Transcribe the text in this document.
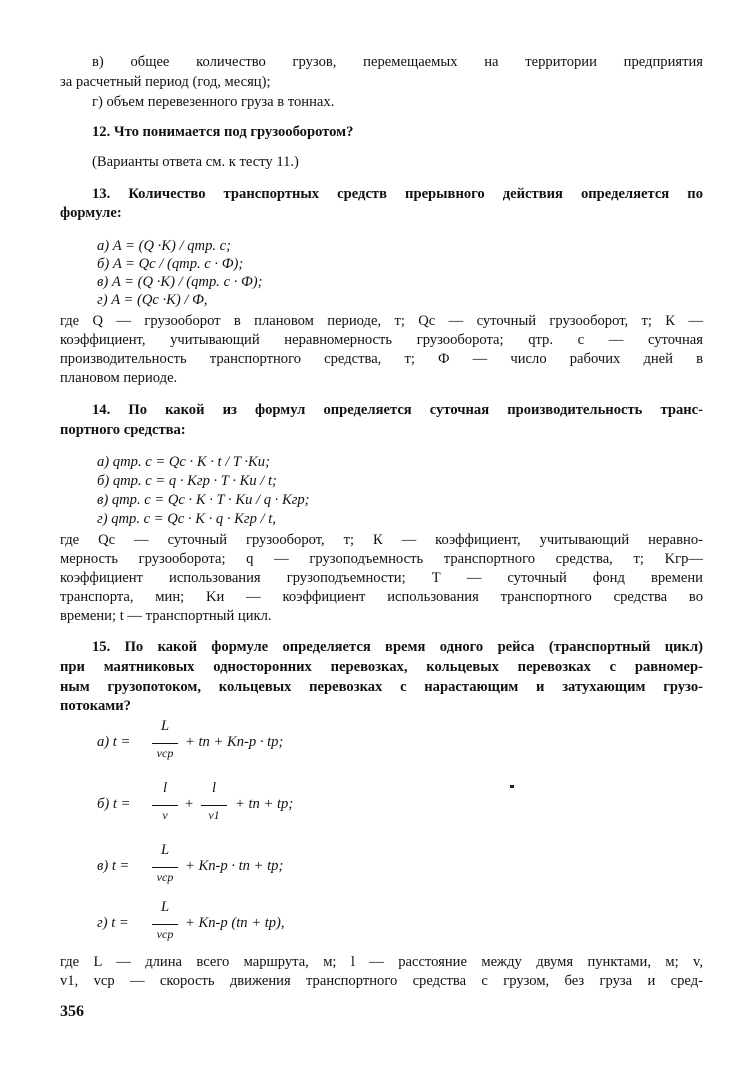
в) общее количество грузов, перемещаемых на территории предприятия
за расчетный период (год, месяц);
г) объем перевезенного груза в тоннах.
12. Что понимается под грузооборотом?
(Варианты ответа см. к тесту 11.)
13. Количество транспортных средств прерывного действия определяется по
формуле:
а) A = (Q ·K) / qтр. с;
б) A = Qс / (qтр. с · Ф);
в) A = (Q ·K) / (qтр. с · Ф);
г) A = (Qс ·K) / Ф,
где Q — грузооборот в плановом периоде, т; Qс — суточный грузооборот, т; К —
коэффициент, учитывающий неравномерность грузооборота; qтр. с — суточная
производительность транспортного средства, т; Ф — число рабочих дней в
плановом периоде.
14. По какой из формул определяется суточная производительность транс-
портного средства:
а) qтр. с = Qс · K · t / T ·Kи;
б) qтр. с = q · Kгр · T · Kи / t;
в) qтр. с = Qс · K · T · Kи / q · Kгр;
г) qтр. с = Qс · K · q · Kгр / t,
где Qс — суточный грузооборот, т; К — коэффициент, учитывающий неравно-
мерность грузооборота; q — грузоподъемность транспортного средства, т; Kгр—
коэффициент использования грузоподъемности; Т — суточный фонд времени
транспорта, мин; Kи — коэффициент использования транспортного средства во
времени; t — транспортный цикл.
15. По какой формуле определяется время одного рейса (транспортный цикл)
при маятниковых односторонних перевозках, кольцевых перевозках с равномер-
ным грузопотоком, кольцевых перевозках с нарастающим и затухающим грузо-
потоками?
а) t =
L
vср
+ tп + Kп-р · tр;
б) t =
l
v
+
l
v1
+ tп + tр;
в) t =
L
vср
+ Kп-р · tп + tр;
г) t =
L
vср
+ Kп-р (tп + tр),
где L — длина всего маршрута, м; l — расстояние между двумя пунктами, м; v,
v1, vср — скорость движения транспортного средства с грузом, без груза и сред-
356
